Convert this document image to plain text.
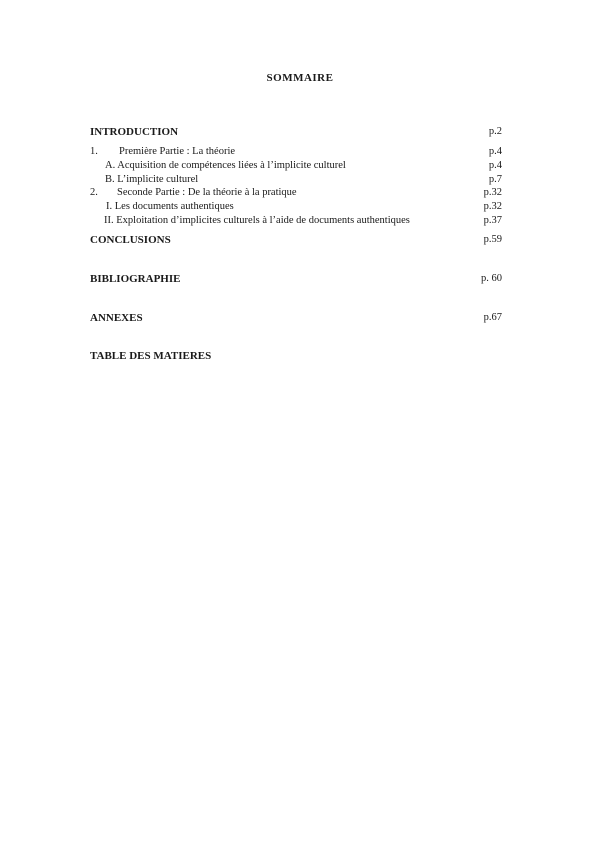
SOMMAIRE
INTRODUCTION	p.2
1. Première Partie : La théorie	p.4
A. Acquisition de compétences liées à l’implicite culturel	p.4
B. L’implicite culturel	p.7
2. Seconde Partie : De la théorie à la pratique	p.32
I. Les documents authentiques	p.32
II. Exploitation d’implicites culturels à l’aide de documents authentiques	p.37
CONCLUSIONS	p.59
BIBLIOGRAPHIE	p. 60
ANNEXES	p.67
TABLE DES MATIERES
